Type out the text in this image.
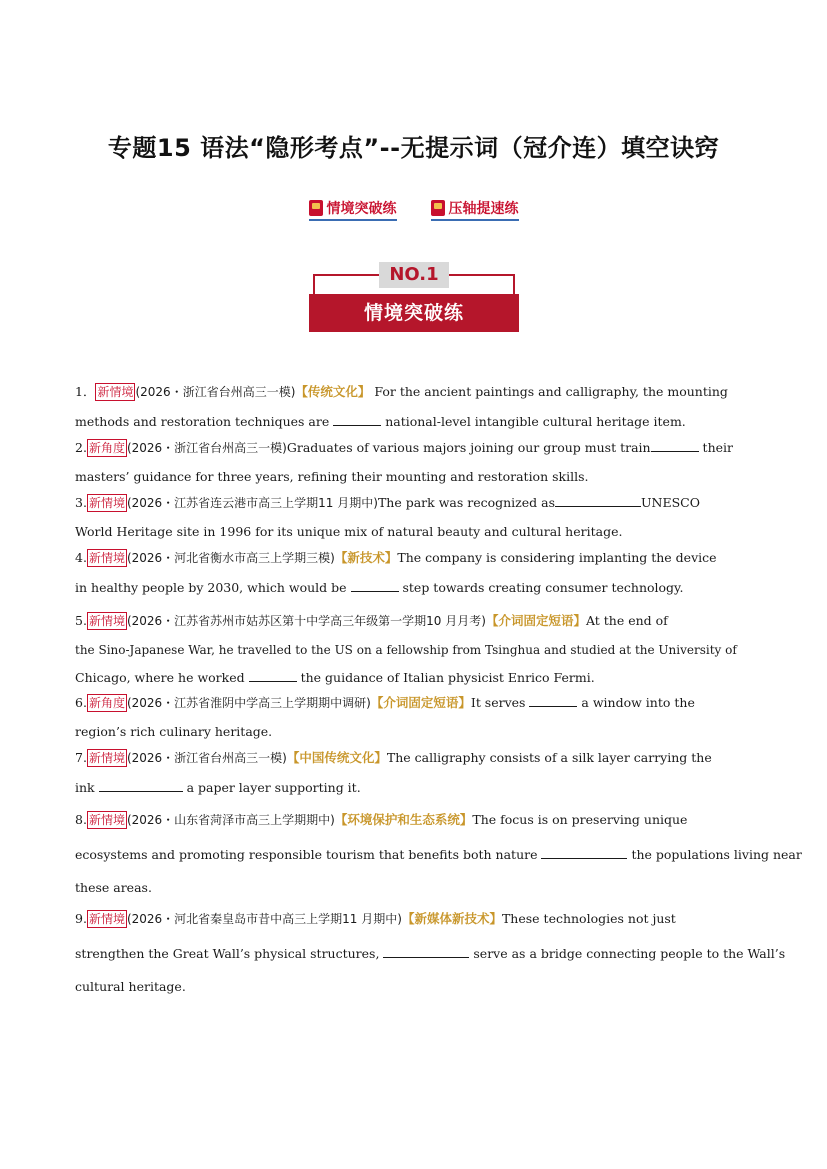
专题15 语法“隐形考点”--无提示词（冠介连）填空诀窍
情境突破练	压轴提速练
NO.1
情境突破练
1． 新情境 (2026・浙江省台州高三一模)【传统文化】 For the ancient paintings and calligraphy, the mounting
methods and restoration techniques are	national-level intangible cultural heritage item.
2. 新角度 (2026・浙江省台州高三一模)Graduates of various majors joining our group must train	their
masters’ guidance for three years, refining their mounting and restoration skills.
3. 新情境 (2026・江苏省连云港市高三上学期11 月期中)The park was recognized as	UNESCO
World Heritage site in 1996 for its unique mix of natural beauty and cultural heritage.
4. 新情境 (2026・河北省衡水市高三上学期三模)【新技术】The company is considering implanting the device
in healthy people by 2030, which would be	step towards creating consumer technology.
5. 新情境 (2026・江苏省苏州市姑苏区第十中学高三年级第一学期10 月月考)【介词固定短语】At the end of
the Sino-Japanese War, he travelled to the US on a fellowship from Tsinghua and studied at the University of
Chicago, where he worked	the guidance of Italian physicist Enrico Fermi.
6. 新角度 (2026・江苏省淮阴中学高三上学期期中调研)【介词固定短语】It serves	a window into the
region’s rich culinary heritage.
7. 新情境 (2026・浙江省台州高三一模)【中国传统文化】The calligraphy consists of a silk layer carrying the
ink	a paper layer supporting it.
8. 新情境 (2026・山东省菏泽市高三上学期期中)【环境保护和生态系统】The focus is on preserving unique
ecosystems and promoting responsible tourism that benefits both nature	the populations living near
these areas.
9. 新情境 (2026・河北省秦皇岛市昔中高三上学期11 月期中)【新媒体新技术】These technologies not just
strengthen the Great Wall’s physical structures,	serve as a bridge connecting people to the Wall’s
cultural heritage.
